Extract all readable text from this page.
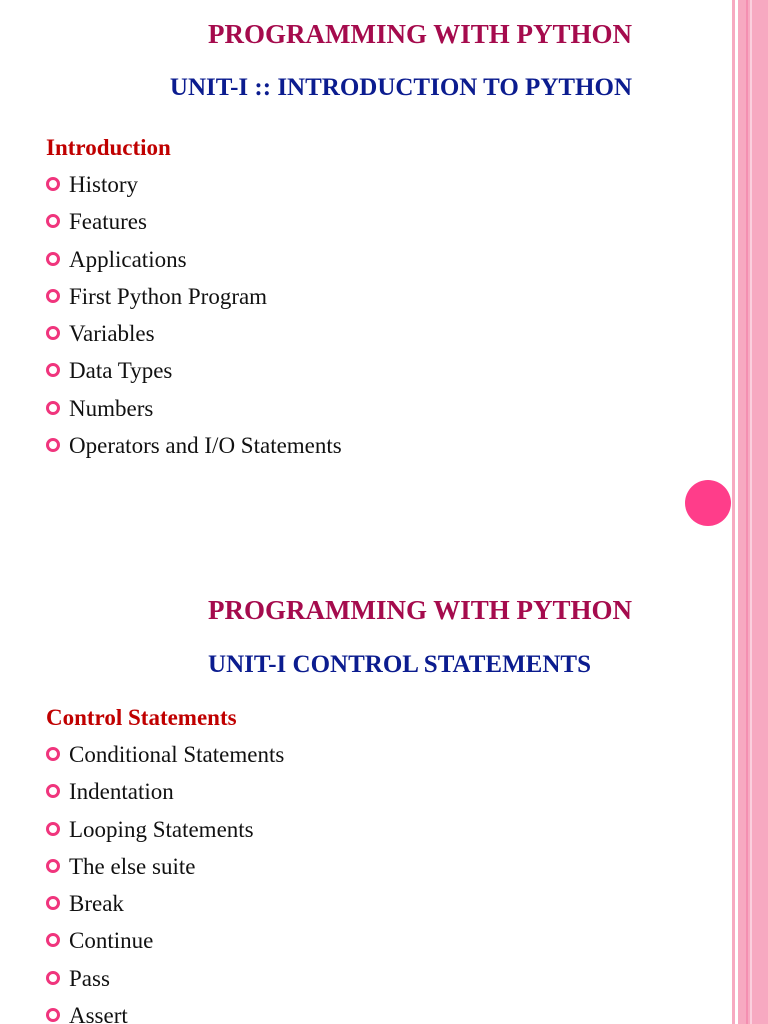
PROGRAMMING WITH PYTHON
UNIT-I :: INTRODUCTION TO PYTHON
Introduction
History
Features
Applications
First Python Program
Variables
Data Types
Numbers
Operators and I/O Statements
PROGRAMMING WITH PYTHON
UNIT-I CONTROL STATEMENTS
Control Statements
Conditional Statements
Indentation
Looping Statements
The else suite
Break
Continue
Pass
Assert
